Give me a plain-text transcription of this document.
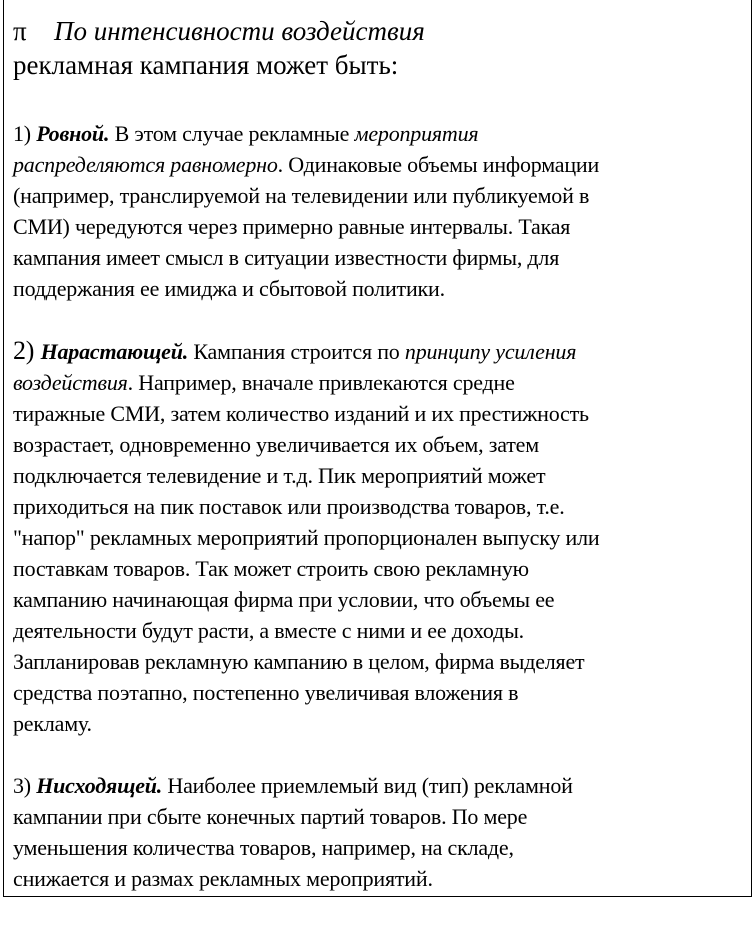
π По интенсивности воздействия

рекламная кампания может быть:

1) Ровной. В этом случае рекламные мероприятия
распределяются равномерно. Одинаковые объемы информации
(например, транслируемой на телевидении или публикуемой в
СМИ) чередуются через примерно равные интервалы. Такая
кампания имеет смысл в ситуации известности фирмы, для
поддержания ее имиджа и сбытовой политики.
2) Нарастающей. Кампания строится по принципу усиления
воздействия. Например, вначале привлекаются средне
тиражные СМИ, затем количество изданий и их престижность
возрастает, одновременно увеличивается их объем, затем
подключается телевидение и т.д. Пик мероприятий может
приходиться на пик поставок или производства товаров, т.е.
"напор" рекламных мероприятий пропорционален выпуску или
поставкам товаров. Так может строить свою рекламную
кампанию начинающая фирма при условии, что объемы ее
деятельности будут расти, а вместе с ними и ее доходы.
Запланировав рекламную кампанию в целом, фирма выделяет
средства поэтапно, постепенно увеличивая вложения в
рекламу.
3) Нисходящей. Наиболее приемлемый вид (тип) рекламной
кампании при сбыте конечных партий товаров. По мере
уменьшения количества товаров, например, на складе,
снижается и размах рекламных мероприятий.
